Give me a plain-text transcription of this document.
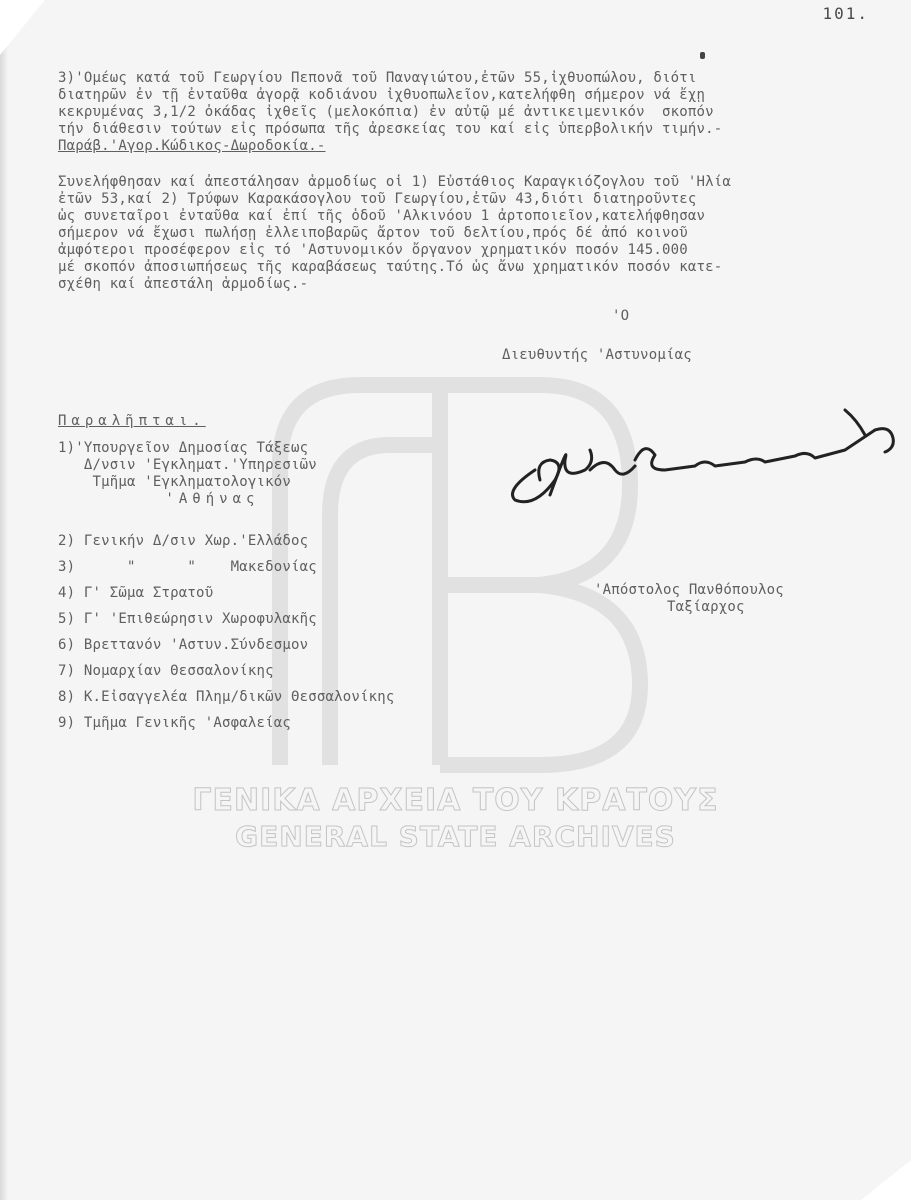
ΓΕΝΙΚΑ ΑΡΧΕΙΑ ΤΟΥ ΚΡΑΤΟΥΣ
GENERAL STATE ARCHIVES
101.
3)'Ομέως κατά τοῦ Γεωργίου Πεπονᾶ τοῦ Παναγιώτου,ἐτῶν 55,ἰχθυοπώλου, διότι
διατηρῶν ἐν τῇ ἐνταῦθα ἀγορᾷ κοδιάνου ἰχθυοπωλεῖον,κατελήφθη σήμερον νά ἔχῃ
κεκρυμένας 3,1/2 ὀκάδας ἰχθεῖς (μελοκόπια) ἐν αὐτῷ μέ ἀντικειμενικόν  σκοπόν
τήν διάθεσιν τούτων εἰς πρόσωπα τῆς ἀρεσκείας του καί εἰς ὑπερβολικήν τιμήν.-
Παράβ.'Αγορ.Κώδικος-Δωροδοκία.-
Συνελήφθησαν καί ἀπεστάλησαν ἁρμοδίως οἱ 1) Εὐστάθιος Καραγκιόζογλου τοῦ 'Ηλία
ἐτῶν 53,καί 2) Τρύφων Καρακάσογλου τοῦ Γεωργίου,ἐτῶν 43,διότι διατηροῦντες
ὡς συνεταῖροι ἐνταῦθα καί ἐπί τῆς ὁδοῦ 'Αλκινόου 1 ἀρτοποιεῖον,κατελήφθησαν
σήμερον νά ἔχωσι πωλήσῃ ἐλλειποβαρῶς ἄρτον τοῦ δελτίου,πρός δέ ἀπό κοινοῦ
ἀμφότεροι προσέφερον εἰς τό 'Αστυνομικόν ὄργανον χρηματικόν ποσόν 145.000
μέ σκοπόν ἀποσιωπήσεως τῆς καραβάσεως ταύτης.Τό ὡς ἄνω χρηματικόν ποσόν κατε-
σχέθη καί ἀπεστάλη ἁρμοδίως.-
'Ο
Διευθυντής 'Αστυνομίας
Παραλῆπται.
1)'Υπουργεῖον Δημοσίας Τάξεως
Δ/νσιν 'Εγκληματ.'Υπηρεσιῶν
Τμῆμα 'Εγκληματολογικόν
'Αθήνας
2) Γενικήν Δ/σιν Χωρ.'Ελλάδος
3)      "      "    Μακεδονίας
4) Γ' Σῶμα Στρατοῦ
5) Γ' 'Επιθεώρησιν Χωροφυλακῆς
6) Βρεττανόν 'Αστυν.Σύνδεσμον
7) Νομαρχίαν Θεσσαλονίκης
8) Κ.Εἰσαγγελέα Πλημ/δικῶν Θεσσαλονίκης
9) Τμῆμα Γενικῆς 'Ασφαλείας
'Απόστολος Πανθόπουλος
Ταξίαρχος
